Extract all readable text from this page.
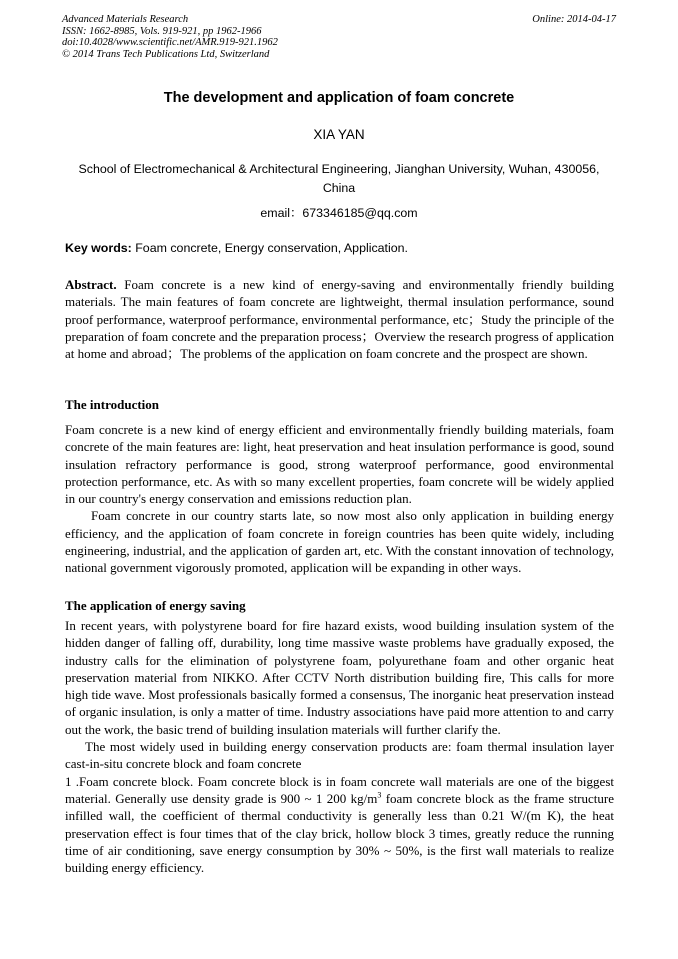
Advanced Materials Research
ISSN: 1662-8985, Vols. 919-921, pp 1962-1966
doi:10.4028/www.scientific.net/AMR.919-921.1962
© 2014 Trans Tech Publications Ltd, Switzerland
Online: 2014-04-17
The development and application of foam concrete
XIA YAN
School of Electromechanical & Architectural Engineering, Jianghan University, Wuhan, 430056, China
email：673346185@qq.com
Key words: Foam concrete, Energy conservation, Application.

Abstract. Foam concrete is a new kind of energy-saving and environmentally friendly building materials. The main features of foam concrete are lightweight, thermal insulation performance, sound proof performance, waterproof performance, environmental performance, etc；Study the principle of the preparation of foam concrete and the preparation process；Overview the research progress of application at home and abroad；The problems of the application on foam concrete and the prospect are shown.

The introduction

Foam concrete is a new kind of energy efficient and environmentally friendly building materials, foam concrete of the main features are: light, heat preservation and heat insulation performance is good, sound insulation refractory performance is good, strong waterproof performance, good environmental protection performance, etc. As with so many excellent properties, foam concrete will be widely applied in our country's energy conservation and emissions reduction plan.

Foam concrete in our country starts late, so now most also only application in building energy efficiency, and the application of foam concrete in foreign countries has been quite widely, including engineering, industrial, and the application of garden art, etc. With the constant innovation of technology, national government vigorously promoted, application will be expanding in other ways.

The application of energy saving

In recent years, with polystyrene board for fire hazard exists, wood building insulation system of the hidden danger of falling off, durability, long time massive waste problems have gradually exposed, the industry calls for the elimination of polystyrene foam, polyurethane foam and other organic heat preservation material from NIKKO. After CCTV North distribution building fire, This calls for more high tide wave. Most professionals basically formed a consensus, The inorganic heat preservation instead of organic insulation, is only a matter of time. Industry associations have paid more attention to and carry out the work, the basic trend of building insulation materials will further clarify the.

The most widely used in building energy conservation products are: foam thermal insulation layer cast-in-situ concrete block and foam concrete

1 .Foam concrete block. Foam concrete block is in foam concrete wall materials are one of the biggest material. Generally use density grade is 900 ~ 1 200 $kg/m^3$ foam concrete block as the frame structure infilled wall, the coefficient of thermal conductivity is generally less than 0.21 W/(m K), the heat preservation effect is four times that of the clay brick, hollow block 3 times, greatly reduce the running time of air conditioning, save energy consumption by 30% ~ 50%, is the first wall materials to realize building energy efficiency.
